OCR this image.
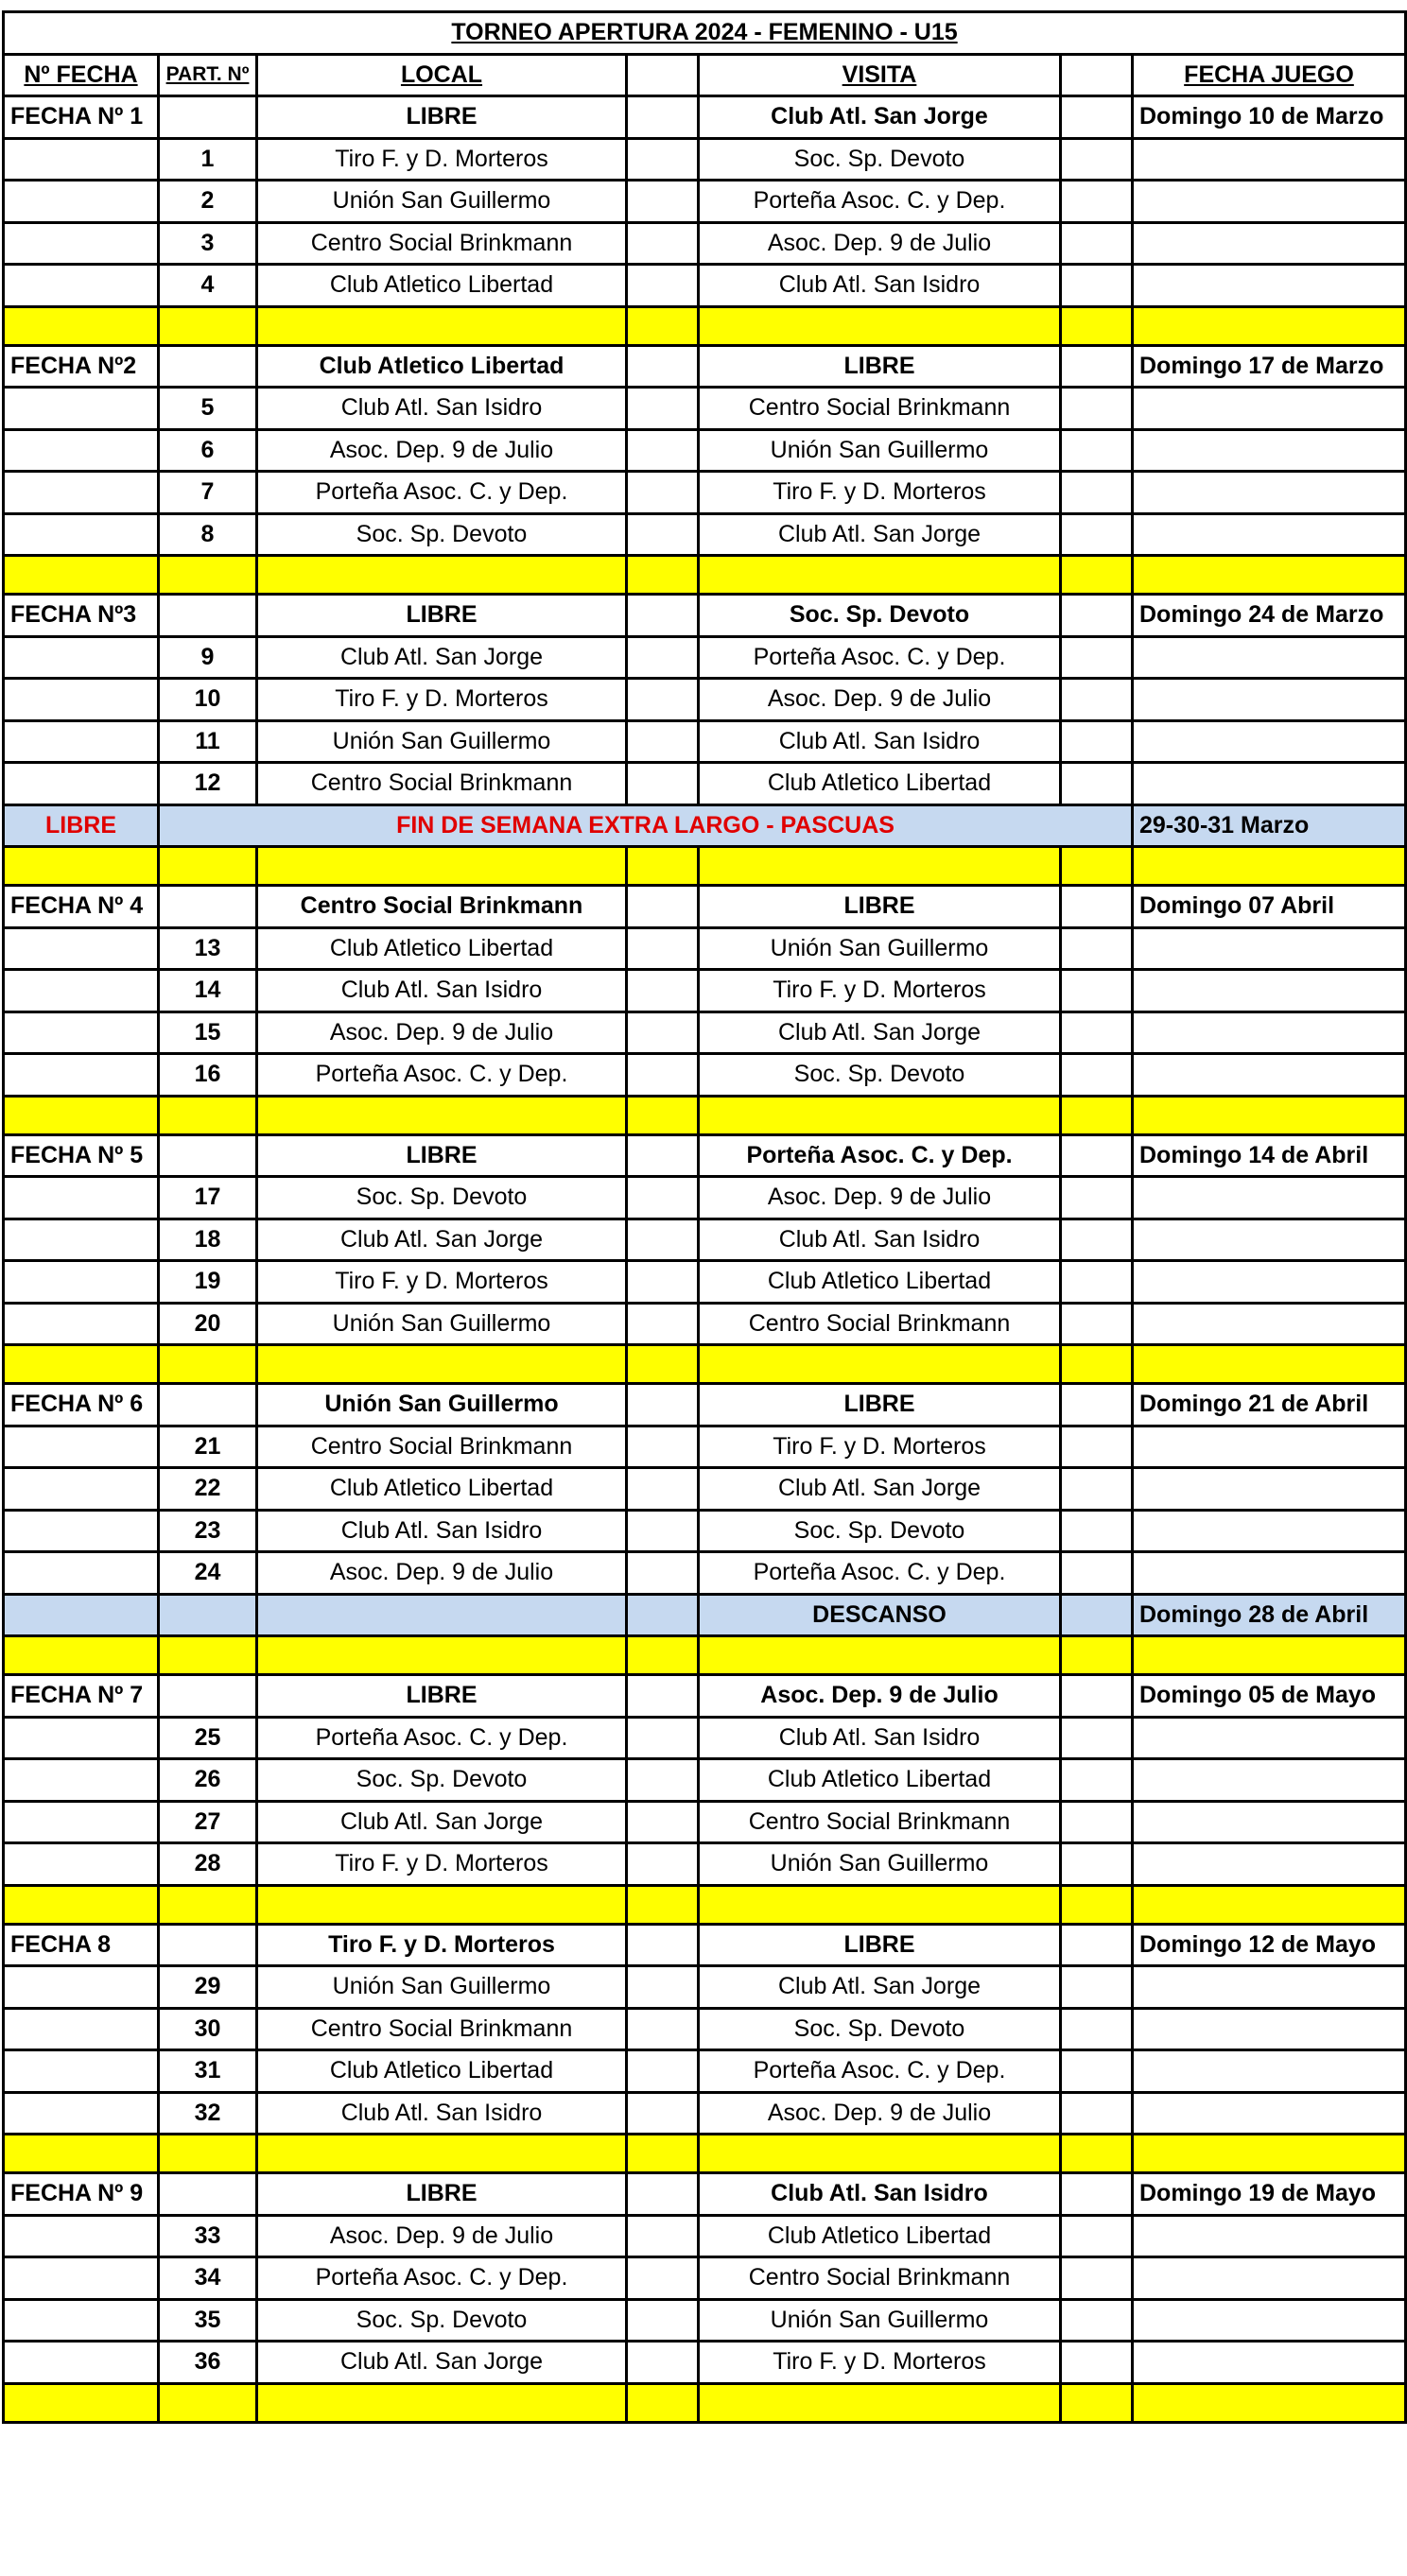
TORNEO APERTURA 2024 - FEMENINO - U15						
Nº FECHA	PART. Nº	LOCAL		VISITA		FECHA JUEGO
FECHA Nº 1		LIBRE		Club Atl. San Jorge		Domingo 10 de Marzo
	1	Tiro F. y D. Morteros		Soc. Sp. Devoto		
	2	Unión San Guillermo		Porteña Asoc. C. y Dep.		
	3	Centro Social Brinkmann		Asoc. Dep. 9 de Julio		
	4	Club Atletico Libertad		Club Atl. San Isidro		

FECHA Nº2		Club Atletico Libertad		LIBRE		Domingo 17 de Marzo
	5	Club Atl. San Isidro		Centro Social Brinkmann		
	6	Asoc. Dep. 9 de Julio		Unión San Guillermo		
	7	Porteña Asoc. C. y Dep.		Tiro F. y D. Morteros		
	8	Soc. Sp. Devoto		Club Atl. San Jorge		

FECHA Nº3		LIBRE		Soc. Sp. Devoto		Domingo 24 de Marzo
	9	Club Atl. San Jorge		Porteña Asoc. C. y Dep.		
	10	Tiro F. y D. Morteros		Asoc. Dep. 9 de Julio		
	11	Unión San Guillermo		Club Atl. San Isidro		
	12	Centro Social Brinkmann		Club Atletico Libertad		
LIBRE	FIN DE SEMANA EXTRA LARGO - PASCUAS					29-30-31 Marzo

FECHA Nº 4		Centro Social Brinkmann		LIBRE		Domingo 07 Abril
	13	Club Atletico Libertad		Unión San Guillermo		
	14	Club Atl. San Isidro		Tiro F. y D. Morteros		
	15	Asoc. Dep. 9 de Julio		Club Atl. San Jorge		
	16	Porteña Asoc. C. y Dep.		Soc. Sp. Devoto		

FECHA Nº 5		LIBRE		Porteña Asoc. C. y Dep.		Domingo 14 de Abril
	17	Soc. Sp. Devoto		Asoc. Dep. 9 de Julio		
	18	Club Atl. San Jorge		Club Atl. San Isidro		
	19	Tiro F. y D. Morteros		Club Atletico Libertad		
	20	Unión San Guillermo		Centro Social Brinkmann		

FECHA Nº 6		Unión San Guillermo		LIBRE		Domingo 21 de Abril
	21	Centro Social Brinkmann		Tiro F. y D. Morteros		
	22	Club Atletico Libertad		Club Atl. San Jorge		
	23	Club Atl. San Isidro		Soc. Sp. Devoto		
	24	Asoc. Dep. 9 de Julio		Porteña Asoc. C. y Dep.		
				DESCANSO		Domingo 28 de Abril

FECHA Nº 7		LIBRE		Asoc. Dep. 9 de Julio		Domingo 05 de Mayo
	25	Porteña Asoc. C. y Dep.		Club Atl. San Isidro		
	26	Soc. Sp. Devoto		Club Atletico Libertad		
	27	Club Atl. San Jorge		Centro Social Brinkmann		
	28	Tiro F. y D. Morteros		Unión San Guillermo		

FECHA 8		Tiro F. y D. Morteros		LIBRE		Domingo 12 de Mayo
	29	Unión San Guillermo		Club Atl. San Jorge		
	30	Centro Social Brinkmann		Soc. Sp. Devoto		
	31	Club Atletico Libertad		Porteña Asoc. C. y Dep.		
	32	Club Atl. San Isidro		Asoc. Dep. 9 de Julio		

FECHA Nº 9		LIBRE		Club Atl. San Isidro		Domingo 19 de Mayo
	33	Asoc. Dep. 9 de Julio		Club Atletico Libertad		
	34	Porteña Asoc. C. y Dep.		Centro Social Brinkmann		
	35	Soc. Sp. Devoto		Unión San Guillermo		
	36	Club Atl. San Jorge		Tiro F. y D. Morteros		
